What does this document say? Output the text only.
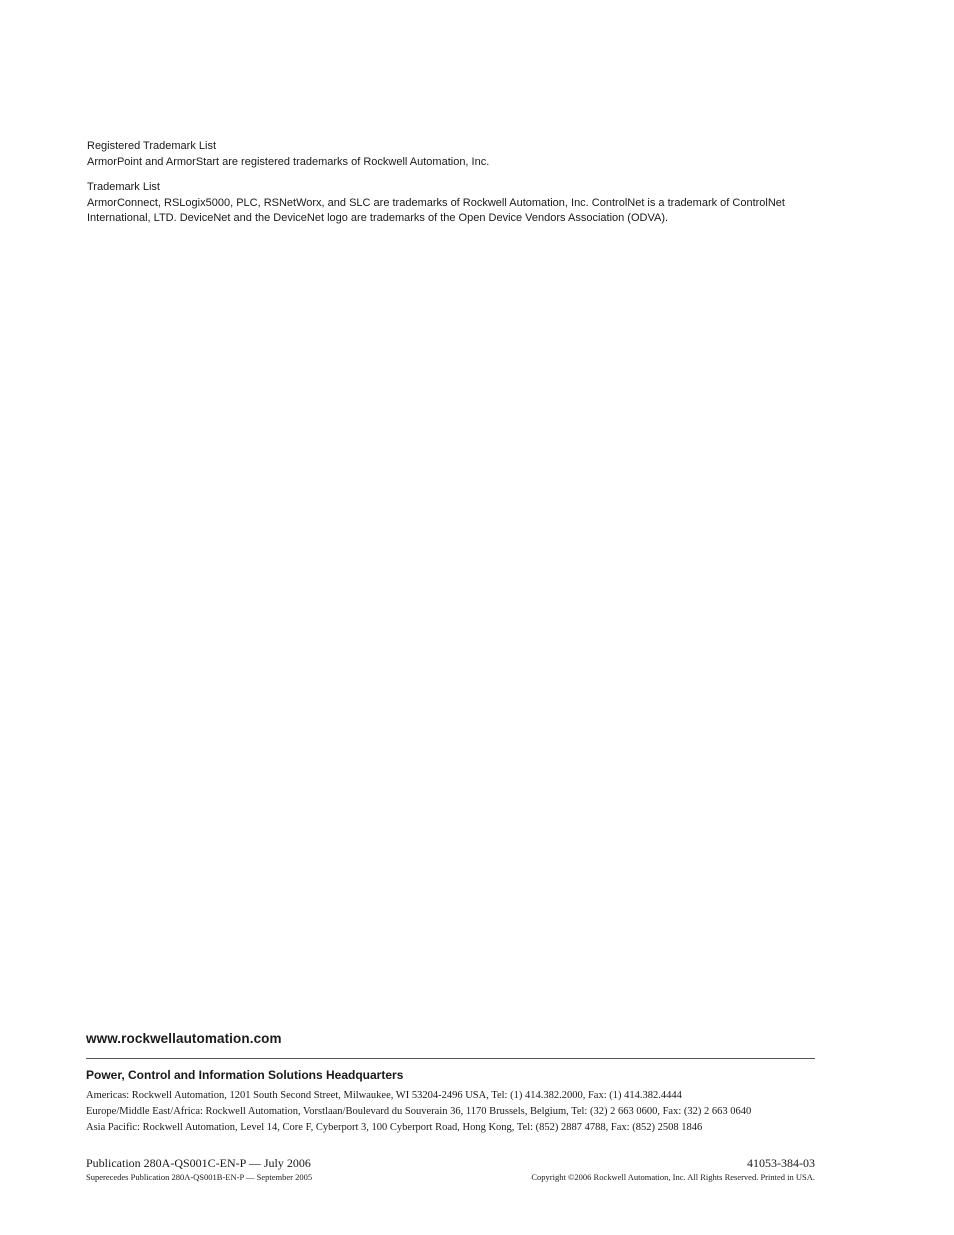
Registered Trademark List

ArmorPoint and ArmorStart are registered trademarks of Rockwell Automation, Inc.

Trademark List

ArmorConnect, RSLogix5000, PLC, RSNetWorx, and SLC are trademarks of Rockwell Automation, Inc. ControlNet is a trademark of ControlNet International, LTD. DeviceNet and the DeviceNet logo are trademarks of the Open Device Vendors Association (ODVA).

www.rockwellautomation.com
Power, Control and Information Solutions Headquarters
Americas: Rockwell Automation, 1201 South Second Street, Milwaukee, WI 53204-2496 USA, Tel: (1) 414.382.2000, Fax: (1) 414.382.4444
Europe/Middle East/Africa: Rockwell Automation, Vorstlaan/Boulevard du Souverain 36, 1170 Brussels, Belgium, Tel: (32) 2 663 0600, Fax: (32) 2 663 0640
Asia Pacific: Rockwell Automation, Level 14, Core F, Cyberport 3, 100 Cyberport Road, Hong Kong, Tel: (852) 2887 4788, Fax: (852) 2508 1846
Publication 280A-QS001C-EN-P — July 2006
Superecedes Publication 280A-QS001B-EN-P — September 2005
41053-384-03
Copyright ©2006 Rockwell Automation, Inc. All Rights Reserved. Printed in USA.
